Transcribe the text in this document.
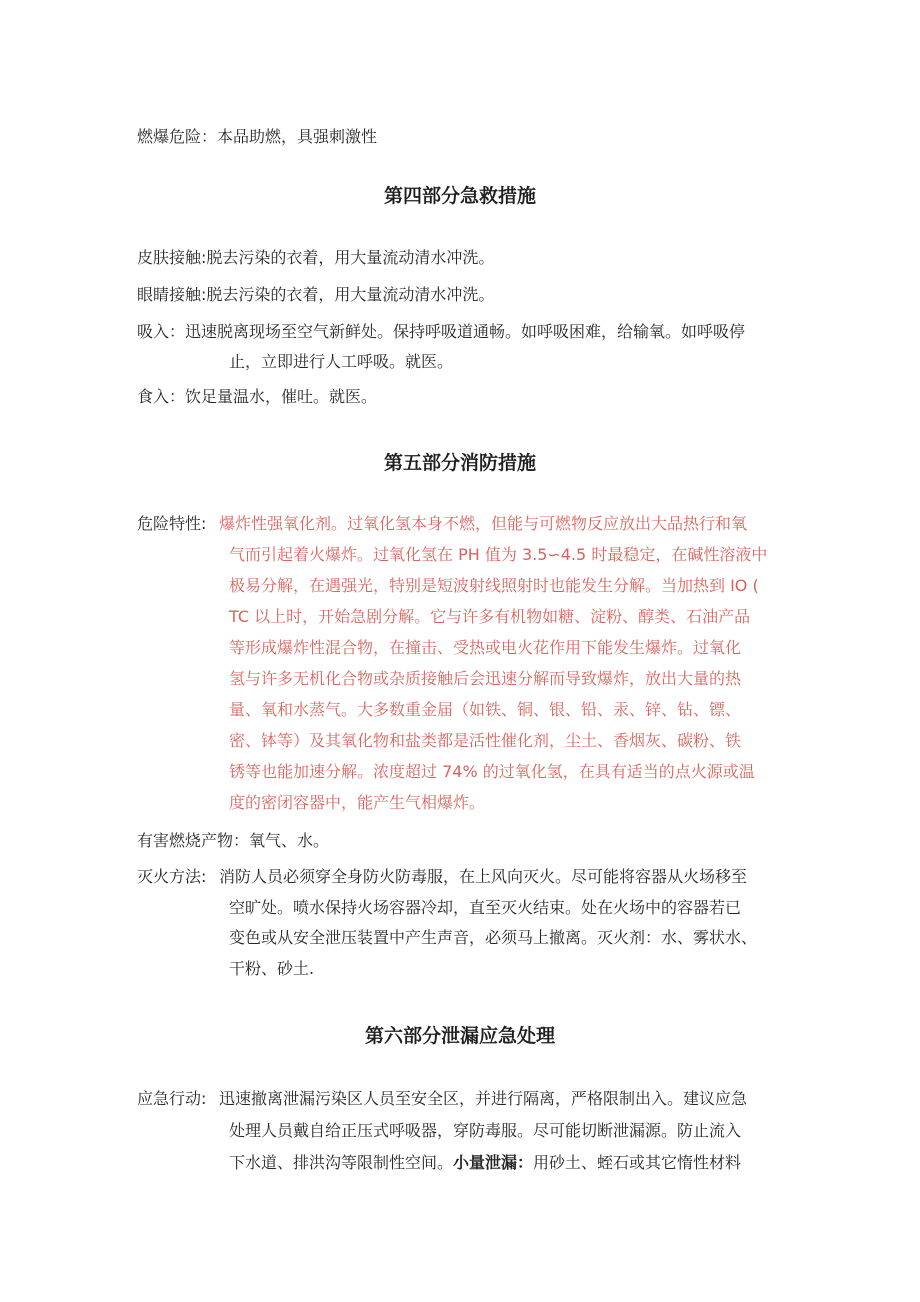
燃爆危险：本品助燃，具强刺激性
第四部分急救措施
皮肤接触:脱去污染的衣着，用大量流动清水冲洗。
眼睛接触:脱去污染的衣着，用大量流动清水冲洗。
吸入：迅速脱离现场至空气新鲜处。保持呼吸道通畅。如呼吸困难，给输氧。如呼吸停
止，立即进行人工呼吸。就医。
食入：饮足量温水，催吐。就医。
第五部分消防措施
危险特性: 爆炸性强氧化剂。过氧化氢本身不燃，但能与可燃物反应放出大品热行和氧
气而引起着火爆炸。过氧化氢在 PH 值为 3.5∽4.5 时最稳定，在碱性溶液中
极易分解，在遇强光，特别是短波射线照射时也能发生分解。当加热到 IO (
TC 以上时，开始急剧分解。它与许多有机物如糖、淀粉、醇类、石油产品
等形成爆炸性混合物，在撞击、受热或电火花作用下能发生爆炸。过氧化
氢与许多无机化合物或杂质接触后会迅速分解而导致爆炸，放出大量的热
量、氧和水蒸气。大多数重金届（如铁、铜、银、铅、汞、锌、钻、镖、
密、钵等）及其氧化物和盐类都是活性催化剂，尘土、香烟灰、碳粉、铁
锈等也能加速分解。浓度超过 74% 的过氧化氢，在具有适当的点火源或温
度的密闭容器中，能产生气相爆炸。
有害燃烧产物：氧气、水。
灭火方法: 消防人员必须穿全身防火防毒服，在上风向灭火。尽可能将容器从火场移至
空旷处。喷水保持火场容器冷却，直至灭火结束。处在火场中的容器若已
变色或从安全泄压装置中产生声音，必须马上撤离。灭火剂：水、雾状水、
干粉、砂土.
第六部分泄漏应急处理
应急行动: 迅速撤离泄漏污染区人员至安全区，并进行隔离，严格限制出入。建议应急
处理人员戴自给正压式呼吸器，穿防毒服。尽可能切断泄漏源。防止流入
下水道、排洪沟等限制性空间。小量泄漏：用砂土、蛭石或其它惰性材料
